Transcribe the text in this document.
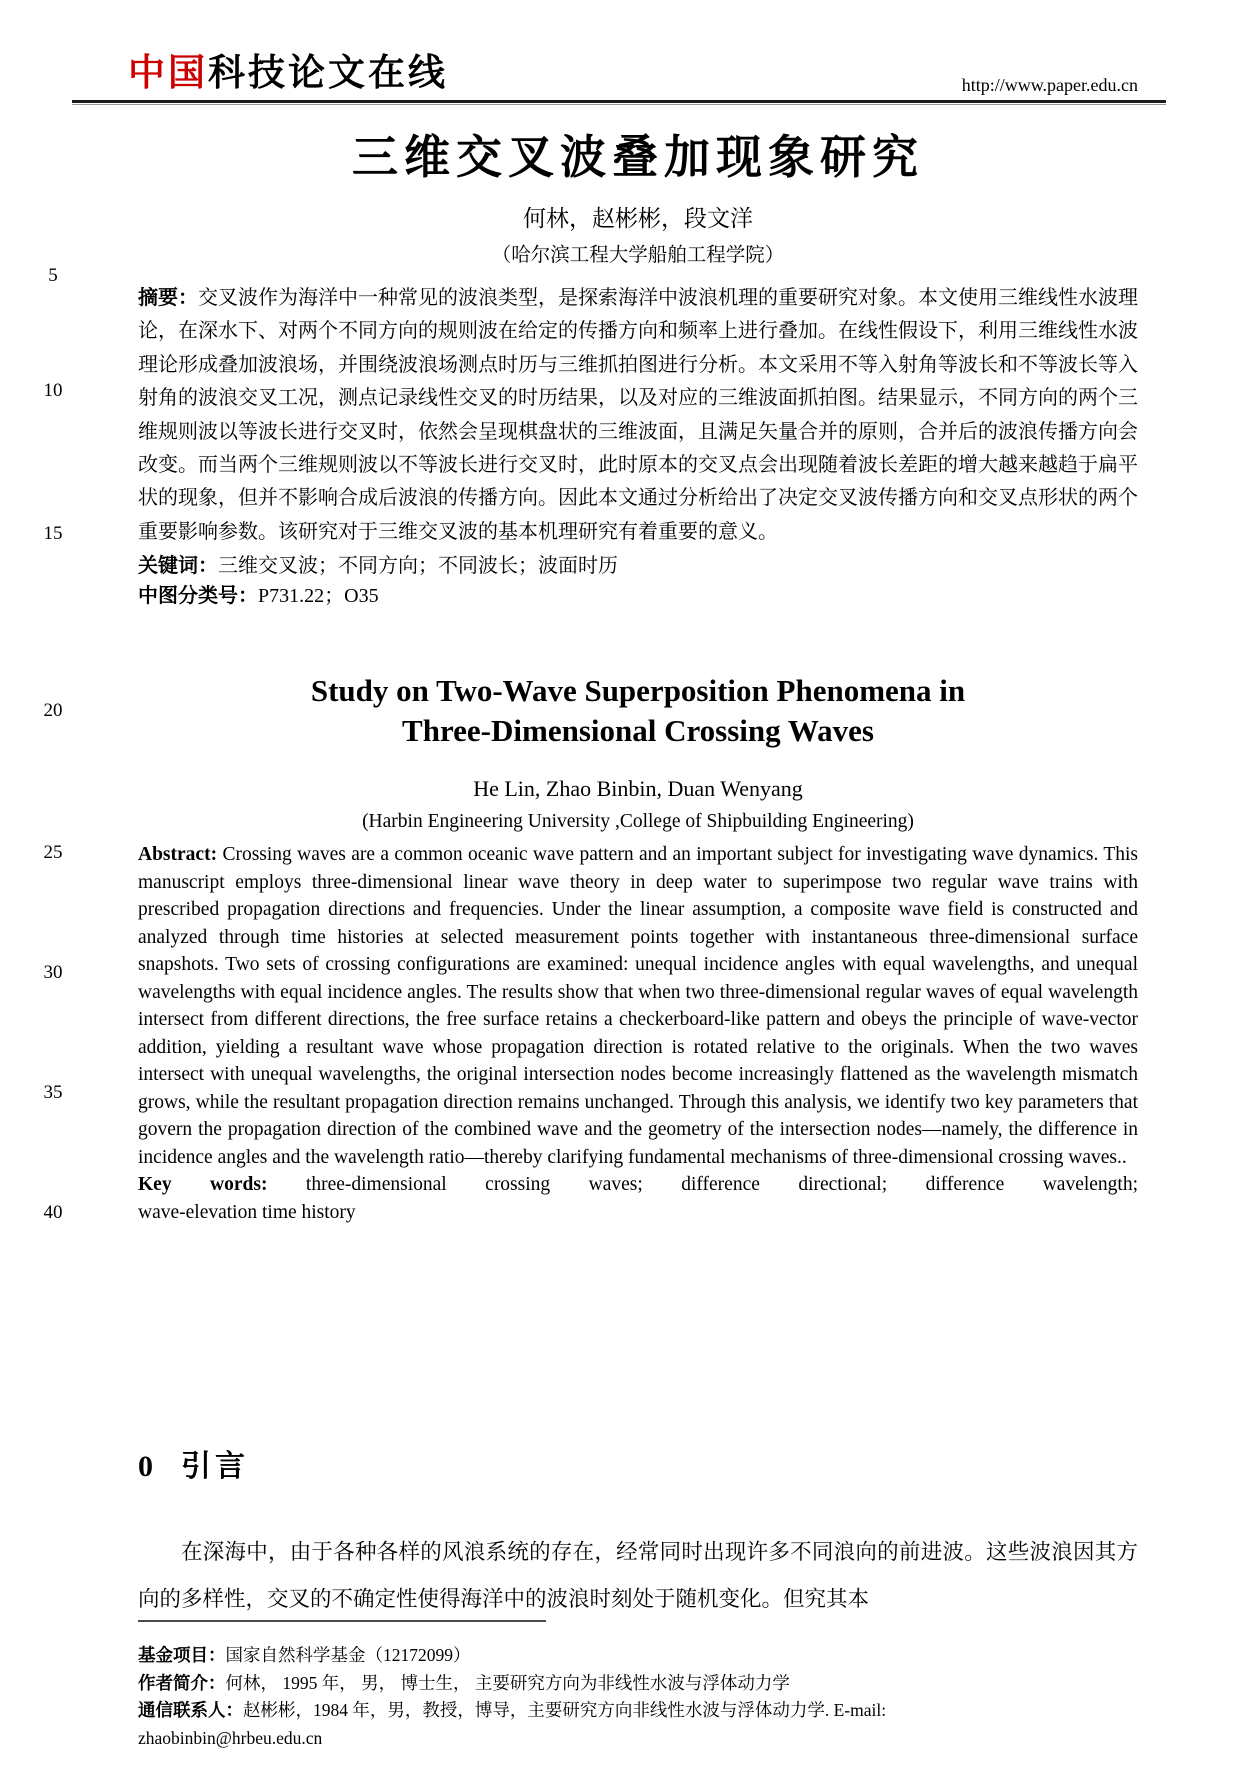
中国科技论文在线	http://www.paper.edu.cn
5
10
15
20
25
30
35
40
三维交叉波叠加现象研究
何林，赵彬彬，段文洋
（哈尔滨工程大学船舶工程学院）

摘要：交叉波作为海洋中一种常见的波浪类型，是探索海洋中波浪机理的重要研究对象。本文使用三维线性水波理论，在深水下、对两个不同方向的规则波在给定的传播方向和频率上进行叠加。在线性假设下，利用三维线性水波理论形成叠加波浪场，并围绕波浪场测点时历与三维抓拍图进行分析。本文采用不等入射角等波长和不等波长等入射角的波浪交叉工况，测点记录线性交叉的时历结果，以及对应的三维波面抓拍图。结果显示，不同方向的两个三维规则波以等波长进行交叉时，依然会呈现棋盘状的三维波面，且满足矢量合并的原则，合并后的波浪传播方向会改变。而当两个三维规则波以不等波长进行交叉时，此时原本的交叉点会出现随着波长差距的增大越来越趋于扁平状的现象，但并不影响合成后波浪的传播方向。因此本文通过分析给出了决定交叉波传播方向和交叉点形状的两个重要影响参数。该研究对于三维交叉波的基本机理研究有着重要的意义。

关键词：三维交叉波；不同方向；不同波长；波面时历
中图分类号：P731.22；O35
Study on Two-Wave Superposition Phenomena in
Three-Dimensional Crossing Waves
He Lin, Zhao Binbin, Duan Wenyang
(Harbin Engineering University ,College of Shipbuilding Engineering)

Abstract: Crossing waves are a common oceanic wave pattern and an important subject for investigating wave dynamics. This manuscript employs three-dimensional linear wave theory in deep water to superimpose two regular wave trains with prescribed propagation directions and frequencies. Under the linear assumption, a composite wave field is constructed and analyzed through time histories at selected measurement points together with instantaneous three-dimensional surface snapshots. Two sets of crossing configurations are examined: unequal incidence angles with equal wavelengths, and unequal wavelengths with equal incidence angles. The results show that when two three-dimensional regular waves of equal wavelength intersect from different directions, the free surface retains a checkerboard-like pattern and obeys the principle of wave-vector addition, yielding a resultant wave whose propagation direction is rotated relative to the originals. When the two waves intersect with unequal wavelengths, the original intersection nodes become increasingly flattened as the wavelength mismatch grows, while the resultant propagation direction remains unchanged. Through this analysis, we identify two key parameters that govern the propagation direction of the combined wave and the geometry of the intersection nodes—namely, the difference in incidence angles and the wavelength ratio—thereby clarifying fundamental mechanisms of three-dimensional crossing waves..

Key words: three-dimensional crossing waves; difference directional; difference wavelength;
wave-elevation time history
0 引言

在深海中，由于各种各样的风浪系统的存在，经常同时出现许多不同浪向的前进波。这些波浪因其方向的多样性，交叉的不确定性使得海洋中的波浪时刻处于随机变化。但究其本

基金项目：国家自然科学基金（12172099）
作者简介：何林， 1995 年， 男， 博士生， 主要研究方向为非线性水波与浮体动力学
通信联系人：赵彬彬，1984 年，男，教授，博导，主要研究方向非线性水波与浮体动力学. E-mail:
zhaobinbin@hrbeu.edu.cn
